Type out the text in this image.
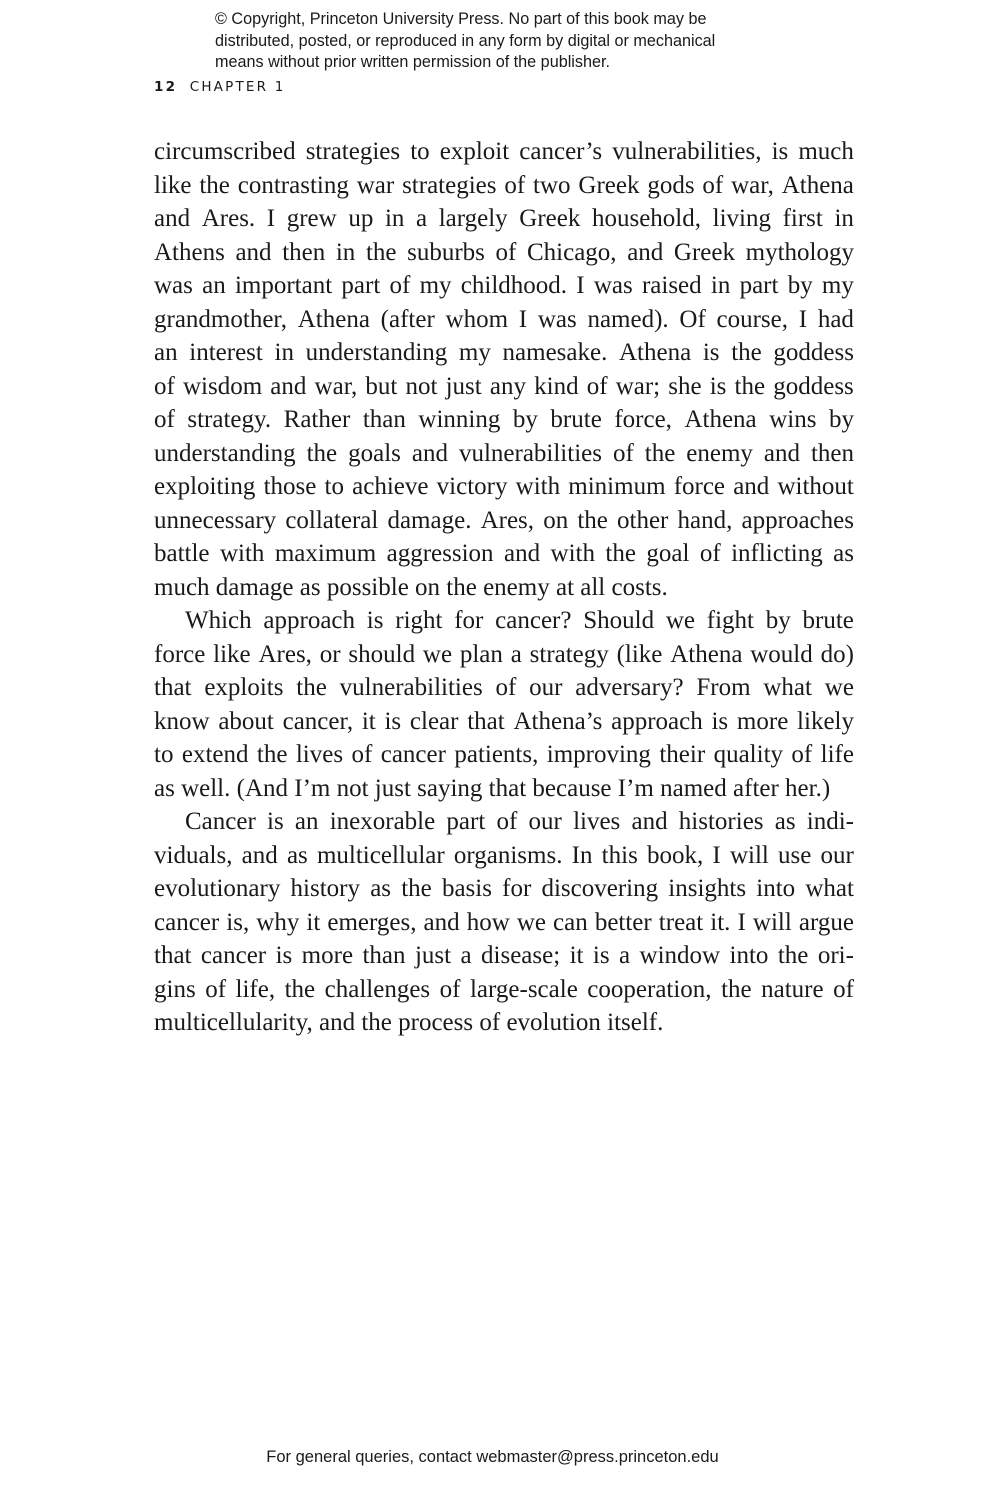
© Copyright, Princeton University Press. No part of this book may be
distributed, posted, or reproduced in any form by digital or mechanical
means without prior written permission of the publisher.
12 CHAPTER 1
circumscribed strategies to exploit cancer’s vulnerabilities, is much
like the contrasting war strategies of two Greek gods of war, Athena
and Ares. I grew up in a largely Greek household, living first in
Athens and then in the suburbs of Chicago, and Greek mythology
was an important part of my childhood. I was raised in part by my
grandmother, Athena (after whom I was named). Of course, I had
an interest in understanding my namesake. Athena is the goddess
of wisdom and war, but not just any kind of war; she is the goddess
of strategy. Rather than winning by brute force, Athena wins by
understanding the goals and vulnerabilities of the enemy and then
exploiting those to achieve victory with minimum force and without
unnecessary collateral damage. Ares, on the other hand, approaches
battle with maximum aggression and with the goal of inflicting as
much damage as possible on the enemy at all costs.
Which approach is right for cancer? Should we fight by brute
force like Ares, or should we plan a strategy (like Athena would do)
that exploits the vulnerabilities of our adversary? From what we
know about cancer, it is clear that Athena’s approach is more likely
to extend the lives of cancer patients, improving their quality of life
as well. (And I’m not just saying that because I’m named after her.)
Cancer is an inexorable part of our lives and histories as indi-
viduals, and as multicellular organisms. In this book, I will use our
evolutionary history as the basis for discovering insights into what
cancer is, why it emerges, and how we can better treat it. I will argue
that cancer is more than just a disease; it is a window into the ori-
gins of life, the challenges of large-scale cooperation, the nature of
multicellularity, and the process of evolution itself.
For general queries, contact webmaster@press.princeton.edu
